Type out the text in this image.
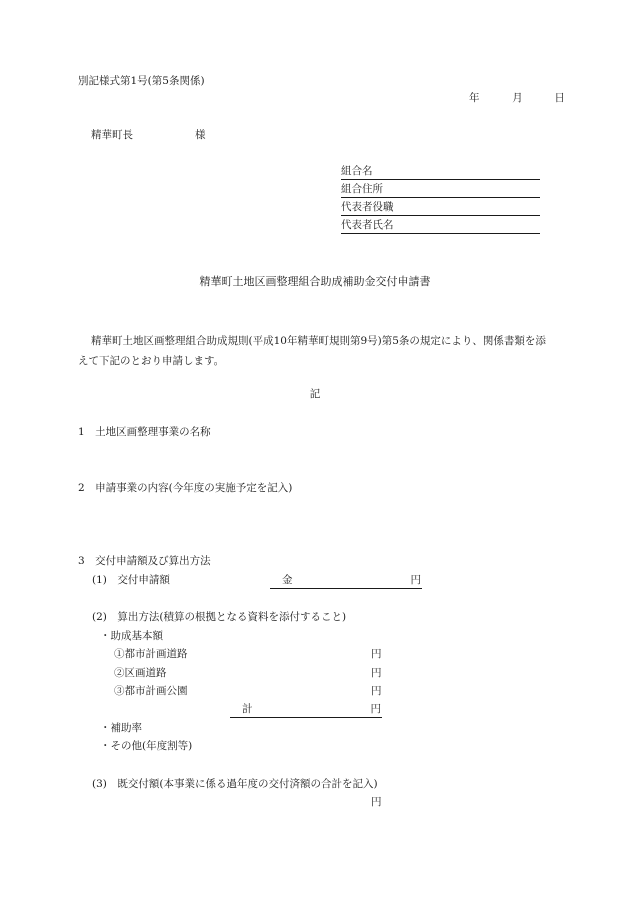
別記様式第1号(第5条関係)
年	月	日
精華町長	様
組合名
組合住所
代表者役職
代表者氏名
精華町土地区画整理組合助成補助金交付申請書
精華町土地区画整理組合助成規則(平成10年精華町規則第9号)第5条の規定により、関係書類を添えて下記のとおり申請します。
記
1　土地区画整理事業の名称
2　申請事業の内容(今年度の実施予定を記入)
3　交付申請額及び算出方法
(1)　交付申請額	金	円
(2)　算出方法(積算の根拠となる資料を添付すること)
・助成基本額
①都市計画道路	円
②区画道路	円
③都市計画公園	円
計	円
・補助率
・その他(年度割等)
(3)　既交付額(本事業に係る過年度の交付済額の合計を記入)
円
